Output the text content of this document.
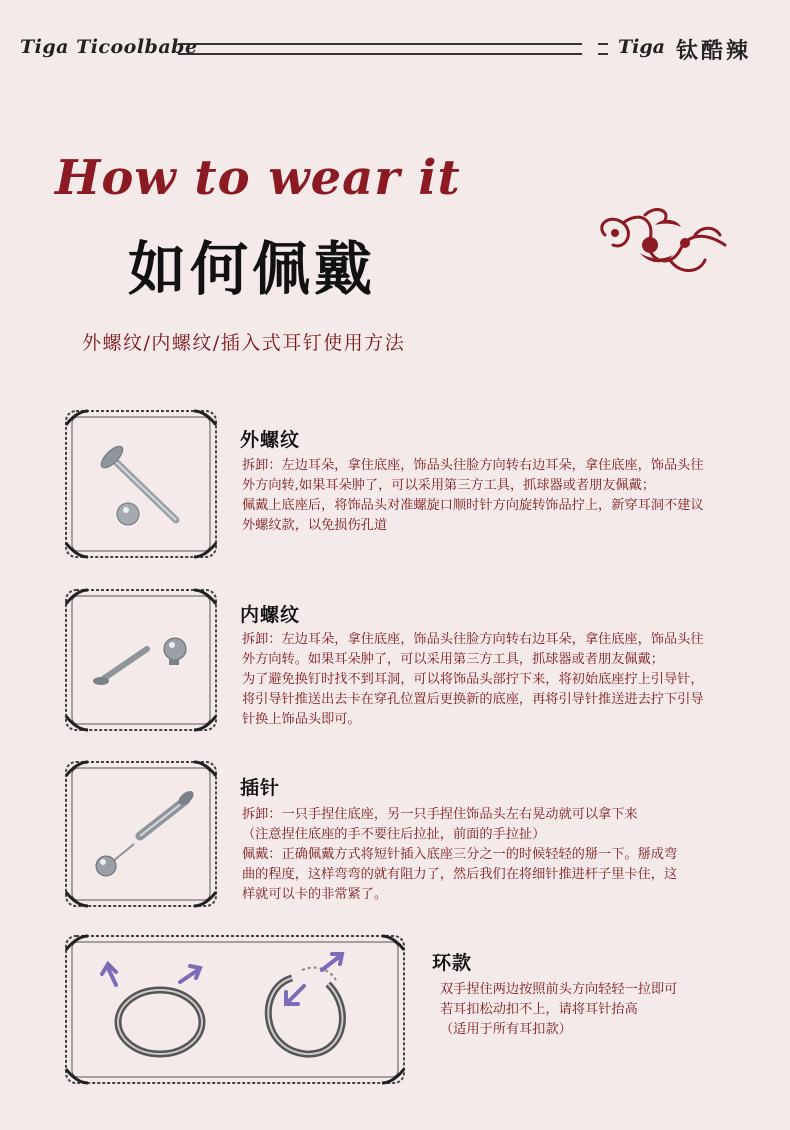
Tiga Ticoolbabe	Tiga 钛酷辣
How to wear it
如何佩戴
外螺纹/内螺纹/插入式耳钉使用方法
外螺纹

拆卸：左边耳朵，拿住底座，饰品头往脸方向转右边耳朵，拿住底座，饰品头往

外方向转,如果耳朵肿了，可以采用第三方工具，抓球器或者朋友佩戴；

佩戴上底座后，将饰品头对准螺旋口顺时针方向旋转饰品拧上，新穿耳洞不建议

外螺纹款，以免损伤孔道

内螺纹

拆卸：左边耳朵，拿住底座，饰品头往脸方向转右边耳朵，拿住底座，饰品头往

外方向转。如果耳朵肿了，可以采用第三方工具，抓球器或者朋友佩戴；

为了避免换钉时找不到耳洞，可以将饰品头部拧下来，将初始底座拧上引导针，

将引导针推送出去卡在穿孔位置后更换新的底座，再将引导针推送进去拧下引导

针换上饰品头即可。

插针

拆卸：一只手捏住底座，另一只手捏住饰品头左右晃动就可以拿下来

（注意捏住底座的手不要往后拉扯，前面的手拉扯）

佩戴：正确佩戴方式将短针插入底座三分之一的时候轻轻的掰一下。掰成弯

曲的程度，这样弯弯的就有阻力了，然后我们在将细针推进杆子里卡住，这

样就可以卡的非常紧了。

环款

双手捏住两边按照前头方向轻轻一拉即可

若耳扣松动扣不上，请将耳针抬高

（适用于所有耳扣款）
